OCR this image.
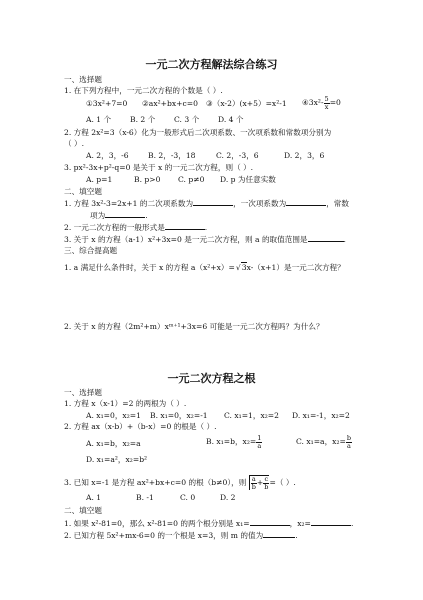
一元二次方程解法综合练习
一、选择题
1. 在下列方程中，一元二次方程的个数是（ ）.
①3x²+7=0 ②ax²+bx+c=0 ③（x-2）(x+5）=x²-1 ④3x²- $\frac{5}{x} =0$
A. 1 个 B. 2 个 C. 3 个 D. 4 个
2. 方程 2x²=3（x-6）化为一般形式后二次项系数、一次项系数和常数项分别为
（ ）.
A. 2，3，-6	B. 2，-3，18	C. 2，-3，6	D. 2，3，6
3. px²-3x+p²-q=0 是关于 x 的一元二次方程，则（ ）.
A. p=1	B. p>0 C. p≠0 D. p 为任意实数
二、填空题
1. 方程 3x²-3=2x+1 的二次项系数为	，一次项系数为	，常数
项为	.
2. 一元二次方程的一般形式是	.
3. 关于 x 的方程（a-1）x²+3x=0 是一元二次方程，则 a 的取值范围是	.
三、综合提高题
1. a 满足什么条件时，关于 x 的方程 a（x²+x）=√ 3x-（x+1）是一元二次方程？
2. 关于 x 的方程（2m²+m）xᵐ⁺¹+3x=6 可能是一元二次方程吗？为什么？
一元二次方程之根
一、选择题
1. 方程 x（x-1）=2 的两根为（ ）.
A. x₁=0，x₂=1 B. x₁=0，x₂=-1 C. x₁=1，x₂=2 D. x₁=-1，x₂=2
2. 方程 ax（x-b）+（b-x）=0 的根是（ ）.
A. x₁=b，x₂=a	B. x₁=b，$x_2= \frac{1}{a}$	C. x₁=a，$x_2= \frac{b}{a}$
D. x₁=a²，x₂=b²
3. 已知 x=-1 是方程 ax²+bx+c=0 的根（b≠0），则 $\frac{a}{b} + \frac{c}{b}$ =（ ）.
A. 1	B. -1	C. 0	D. 2
二、填空题
1. 如果 x²-81=0，那么 x²-81=0 的两个根分别是 x₁=	，x₂=	.
2. 已知方程 5x²+mx-6=0 的一个根是 x=3，则 m 的值为	.
